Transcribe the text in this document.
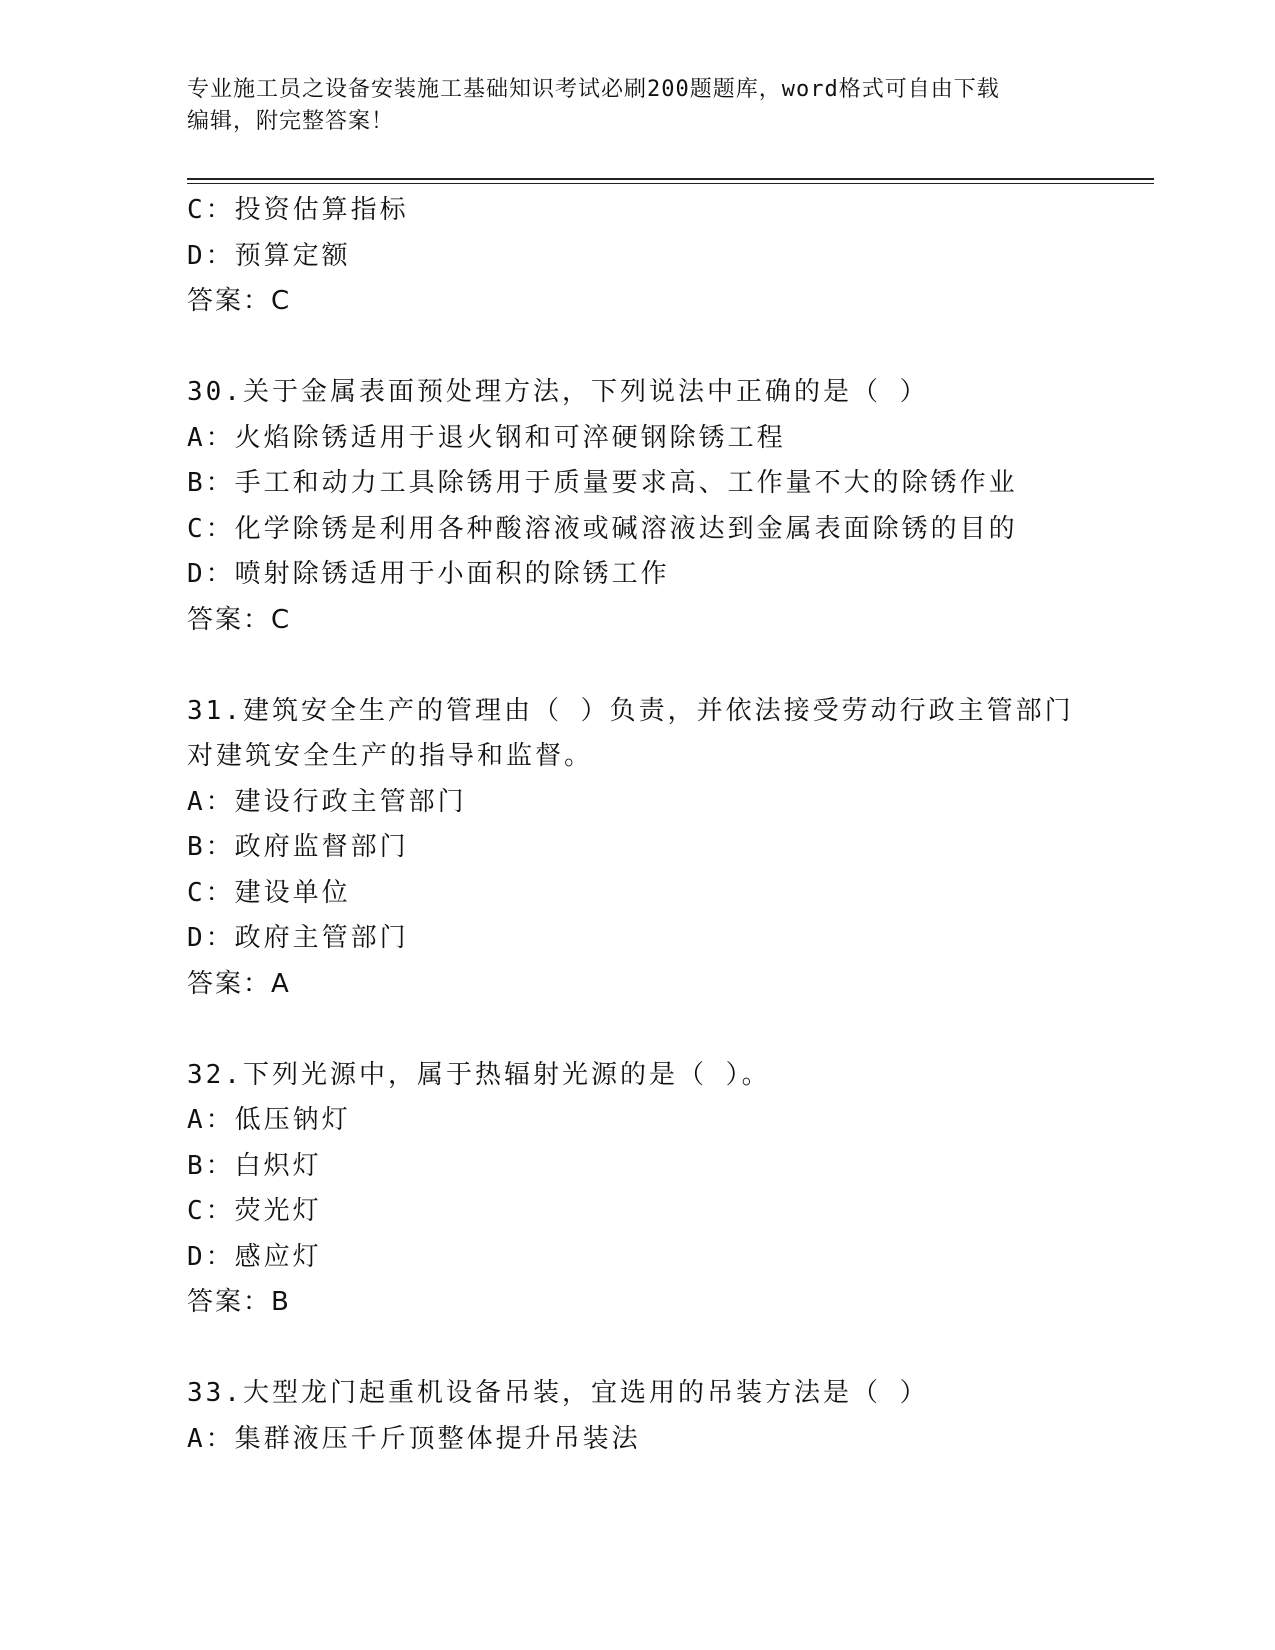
专业施工员之设备安装施工基础知识考试必刷200题题库，word格式可自由下载
编辑，附完整答案！
C：投资估算指标
D：预算定额
答案：C
30.关于金属表面预处理方法，下列说法中正确的是（ ）
A：火焰除锈适用于退火钢和可淬硬钢除锈工程
B：手工和动力工具除锈用于质量要求高、工作量不大的除锈作业
C：化学除锈是利用各种酸溶液或碱溶液达到金属表面除锈的目的
D：喷射除锈适用于小面积的除锈工作
答案：C
31.建筑安全生产的管理由（ ）负责，并依法接受劳动行政主管部门
对建筑安全生产的指导和监督。
A：建设行政主管部门
B：政府监督部门
C：建设单位
D：政府主管部门
答案：A
32.下列光源中，属于热辐射光源的是（ ）。
A：低压钠灯
B：白炽灯
C：荧光灯
D：感应灯
答案：B
33.大型龙门起重机设备吊装，宜选用的吊装方法是（ ）
A：集群液压千斤顶整体提升吊装法
